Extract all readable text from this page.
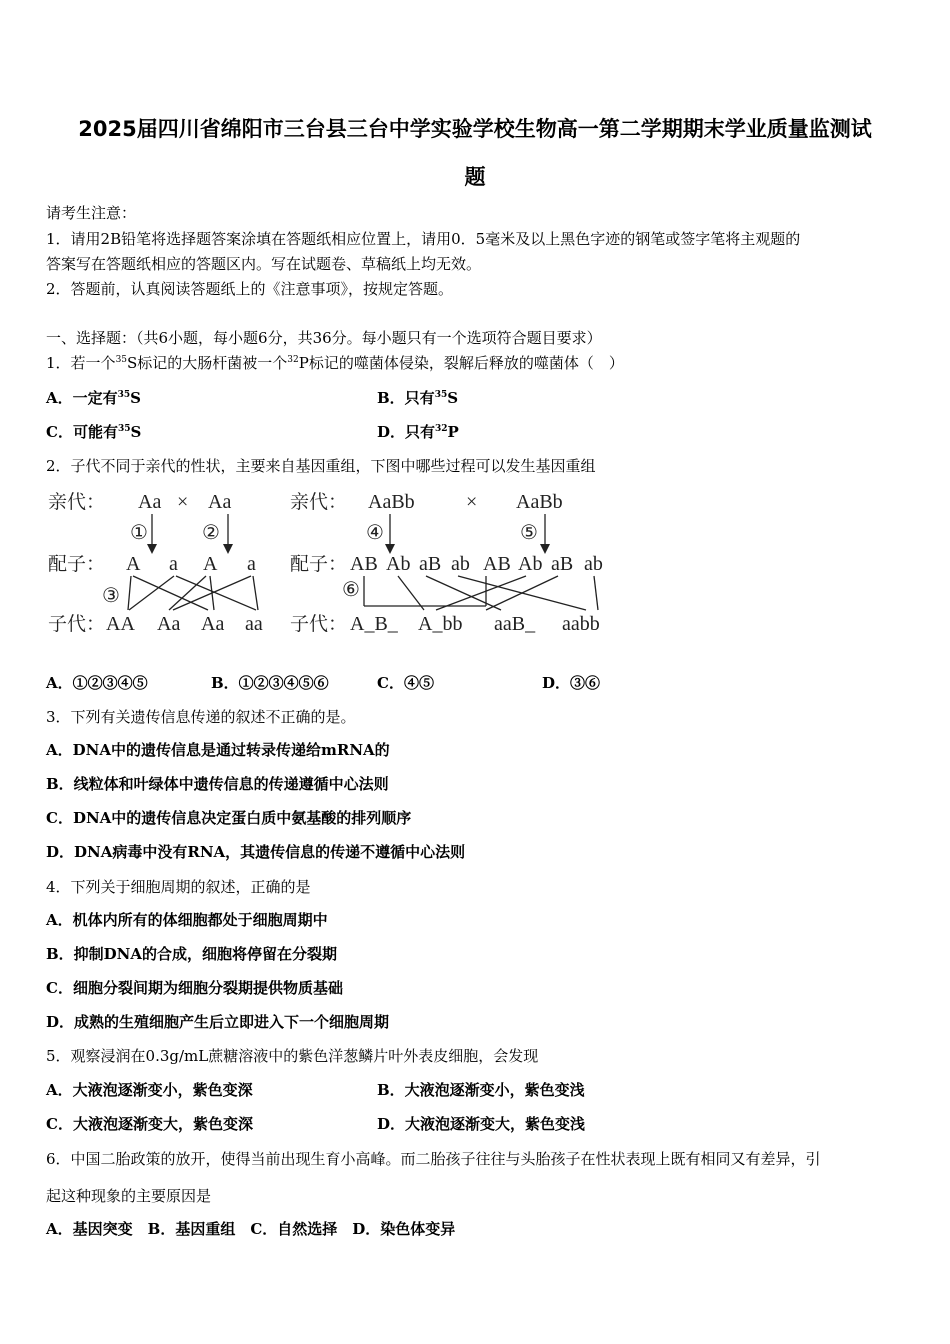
2025届四川省绵阳市三台县三台中学实验学校生物高一第二学期期末学业质量监测试
题
请考生注意：
1．请用2B铅笔将选择题答案涂填在答题纸相应位置上，请用0．5毫米及以上黑色字迹的钢笔或签字笔将主观题的
答案写在答题纸相应的答题区内。写在试题卷、草稿纸上均无效。
2．答题前，认真阅读答题纸上的《注意事项》，按规定答题。
一、选择题：（共6小题，每小题6分，共36分。每小题只有一个选项符合题目要求）
1．若一个$^{35}$S标记的大肠杆菌被一个$^{32}$P标记的噬菌体侵染，裂解后释放的噬菌体（　）
A．一定有$^{35}$S	B．只有$^{35}$S
C．可能有$^{35}$S	D．只有$^{32}$P
2．子代不同于亲代的性状，主要来自基因重组，下图中哪些过程可以发生基因重组
亲代： Aa × Aa
①	②
配子： A a A a
③
子代： AA Aa Aa aa
亲代： AaBb	× AaBb
④	⑤
配子： AB Ab aB ab AB Ab aB ab
⑥
子代： A_B_ A_bb aaB_ aabb
A．①②③④⑤	B．①②③④⑤⑥	C．④⑤	D．③⑥
3．下列有关遗传信息传递的叙述不正确的是。
A．DNA中的遗传信息是通过转录传递给mRNA的
B．线粒体和叶绿体中遗传信息的传递遵循中心法则
C．DNA中的遗传信息决定蛋白质中氨基酸的排列顺序
D．DNA病毒中没有RNA，其遗传信息的传递不遵循中心法则
4．下列关于细胞周期的叙述，正确的是
A．机体内所有的体细胞都处于细胞周期中
B．抑制DNA的合成，细胞将停留在分裂期
C．细胞分裂间期为细胞分裂期提供物质基础
D．成熟的生殖细胞产生后立即进入下一个细胞周期
5．观察浸润在0.3g/mL蔗糖溶液中的紫色洋葱鳞片叶外表皮细胞，会发现
A．大液泡逐渐变小，紫色变深	B．大液泡逐渐变小，紫色变浅
C．大液泡逐渐变大，紫色变深	D．大液泡逐渐变大，紫色变浅
6．中国二胎政策的放开，使得当前出现生育小高峰。而二胎孩子往往与头胎孩子在性状表现上既有相同又有差异，引
起这种现象的主要原因是
A．基因突变　B．基因重组　C．自然选择　D．染色体变异
